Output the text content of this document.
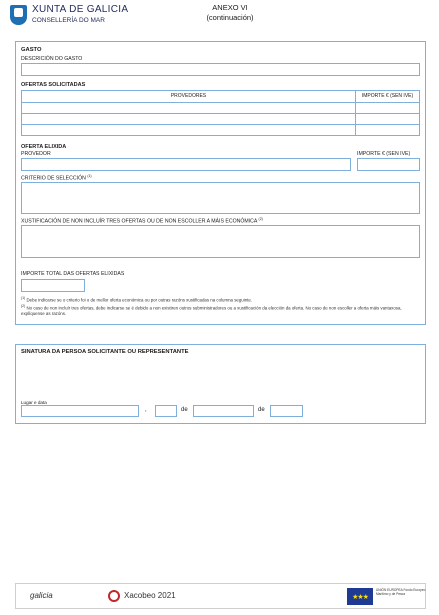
XUNTA DE GALICIA
CONSELLERÍA DO MAR
ANEXO VI
(continuación)
GASTO
DESCRICIÓN DO GASTO
OFERTAS SOLICITADAS
PROVEDORES	IMPORTE € (SEN IVE)
OFERTA ELIXIDA
PROVEDOR	IMPORTE € (SEN IVE)
CRITERIO DE SELECCIÓN $^{(1)}$
XUSTIFICACIÓN DE NON INCLUÍR TRES OFERTAS OU DE NON ESCOLLER A MÁIS ECONÓMICA $^{(2)}$
IMPORTE TOTAL DAS OFERTAS ELIXIDAS
$^{(1)}$ Debe indicarse se o criterio foi o de mellor oferta económica ou por outras razóns xustificadas na columna seguinte.
$^{(2)}$ No caso de non incluír tres ofertas, debe indicarse se é debido a non existiren outros subministradores ou a xustificación da elección da oferta. No caso de non escoller a oferta máis vantaxosa, explíquense as razóns.
SINATURA DA PERSOA SOLICITANTE OU REPRESENTANTE
Lugar e data
,	de	de
galicia	Xacobeo 2021	★★★
UNIÓN EUROPEA Fondo Europeo Marítimo y de Pesca
